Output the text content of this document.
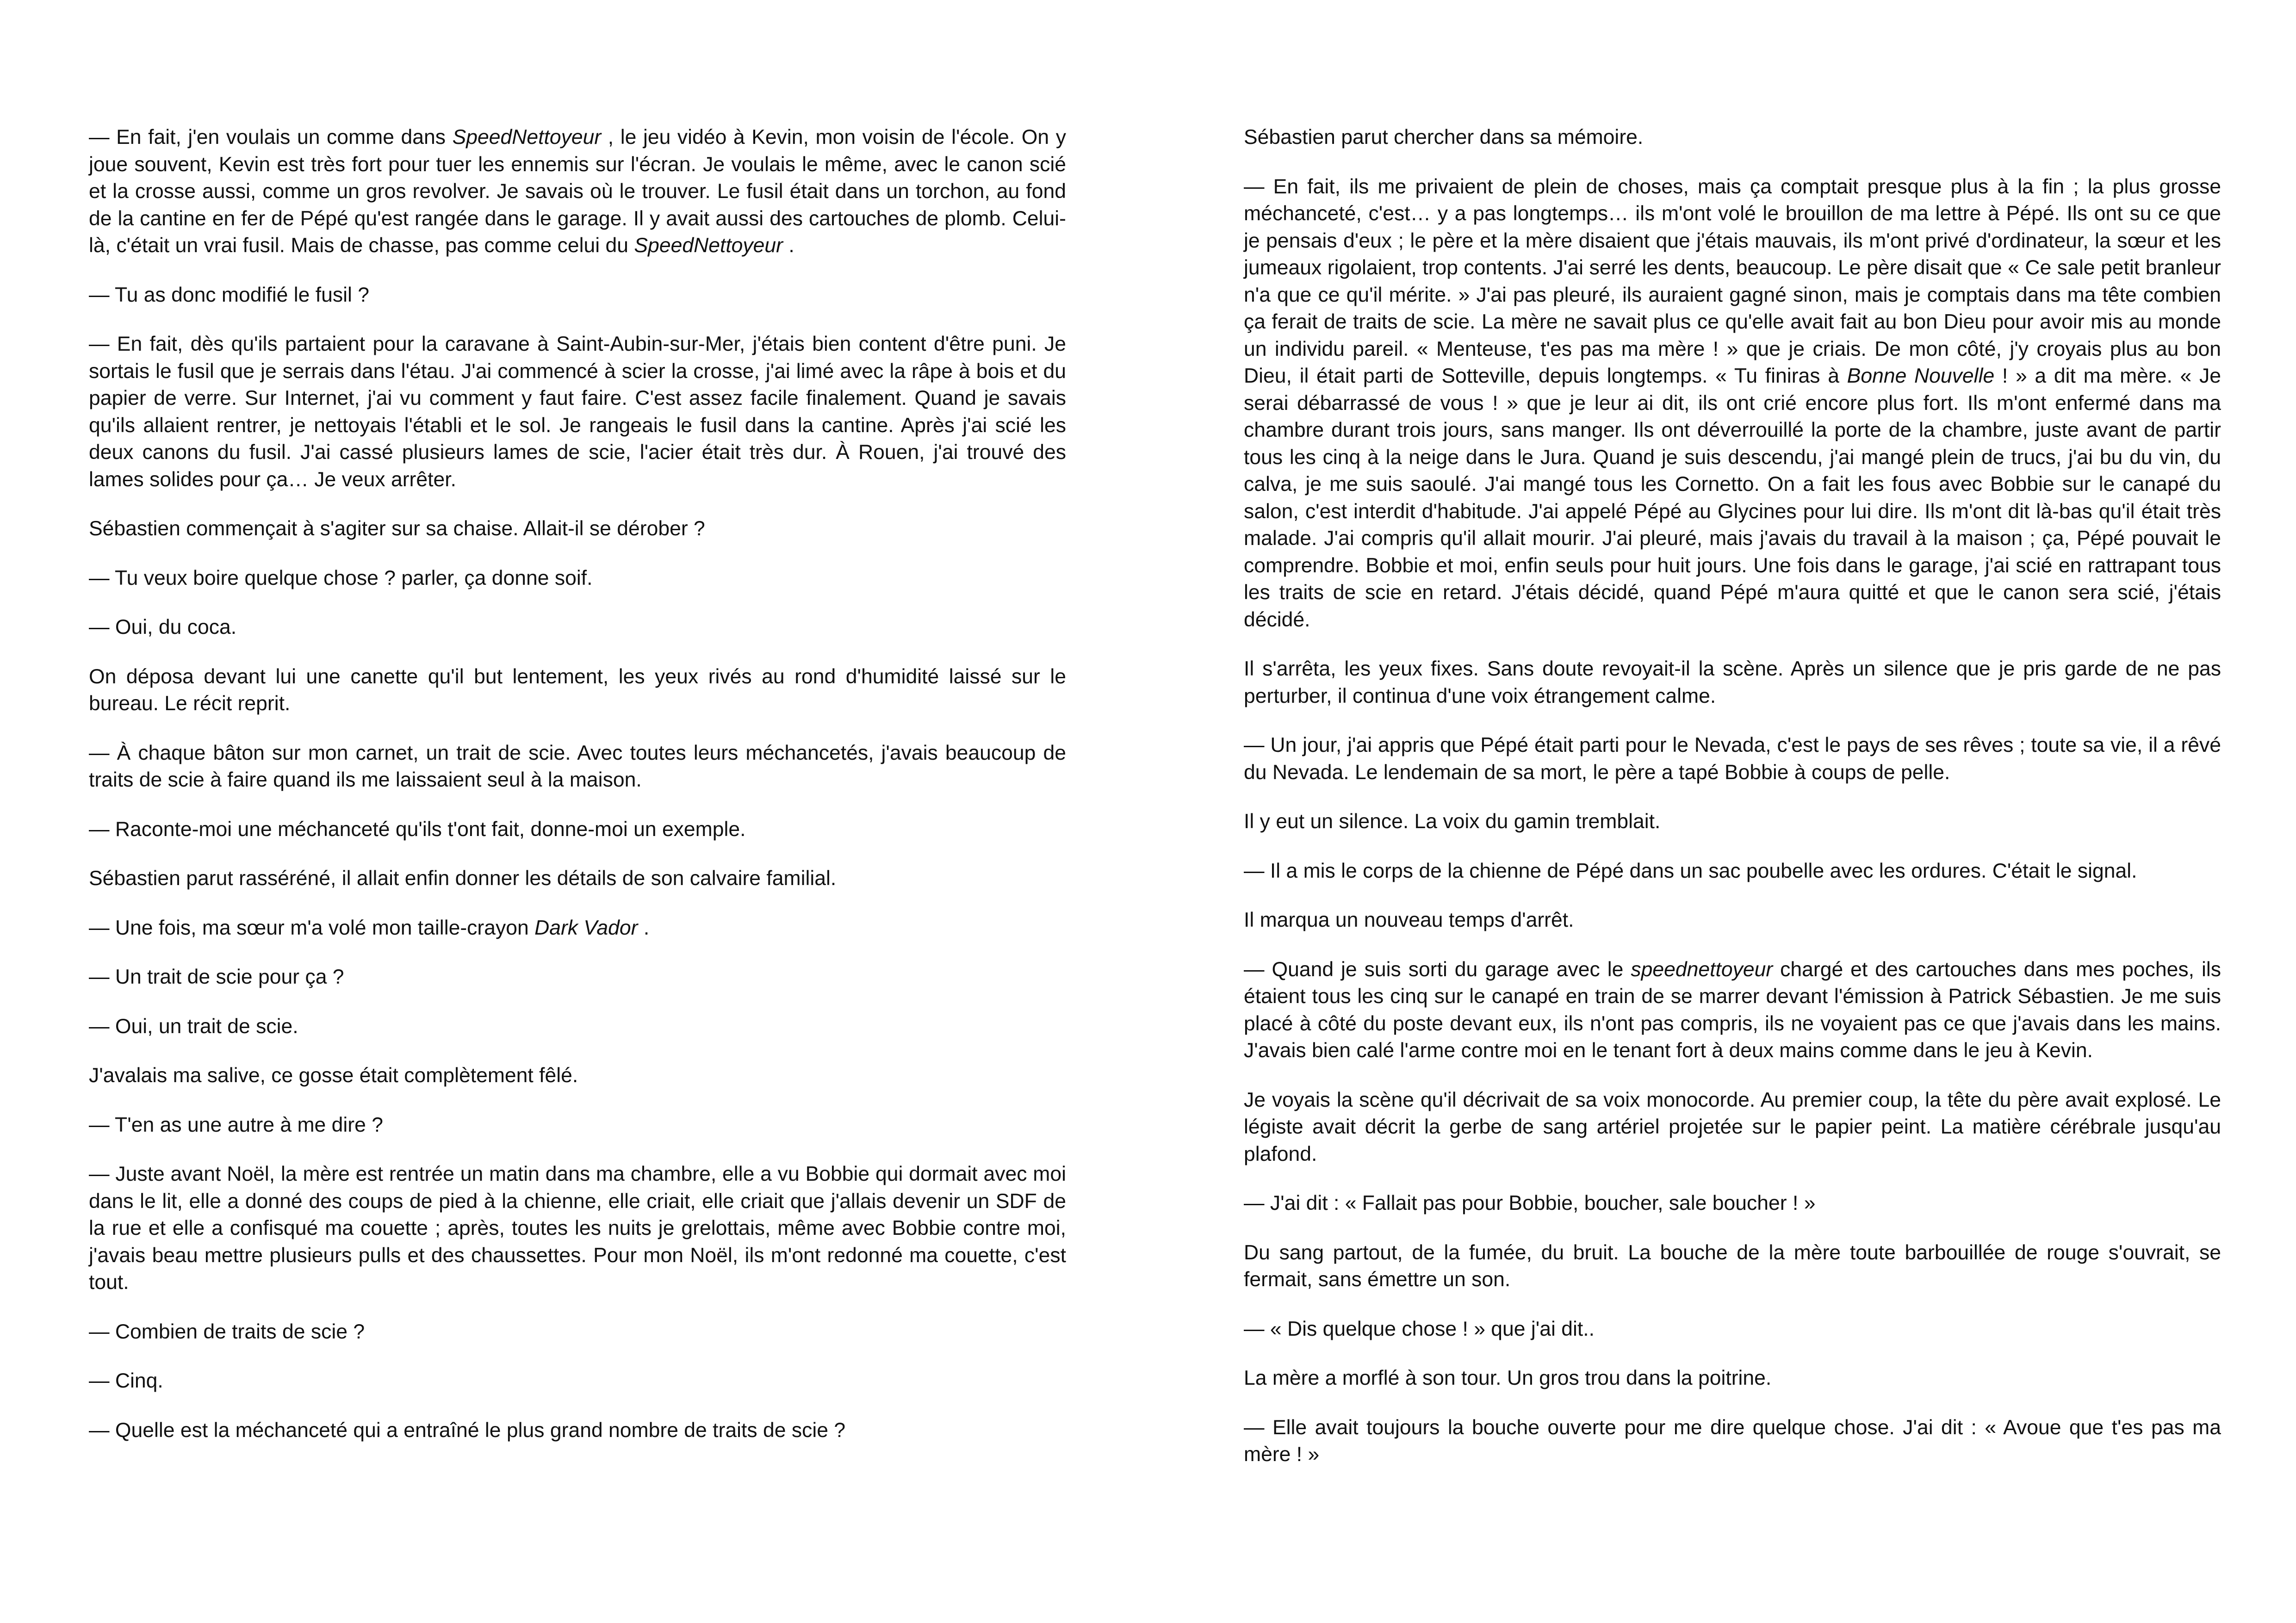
— En fait, j'en voulais un comme dans SpeedNettoyeur , le jeu vidéo à Kevin, mon voisin de l'école. On y joue souvent, Kevin est très fort pour tuer les ennemis sur l'écran. Je voulais le même, avec le canon scié et la crosse aussi, comme un gros revolver. Je savais où le trouver. Le fusil était dans un torchon, au fond de la cantine en fer de Pépé qu'est rangée dans le garage. Il y avait aussi des cartouches de plomb. Celui-là, c'était un vrai fusil. Mais de chasse, pas comme celui du SpeedNettoyeur .

— Tu as donc modifié le fusil ?

— En fait, dès qu'ils partaient pour la caravane à Saint-Aubin-sur-Mer, j'étais bien content d'être puni. Je sortais le fusil que je serrais dans l'étau. J'ai commencé à scier la crosse, j'ai limé avec la râpe à bois et du papier de verre. Sur Internet, j'ai vu comment y faut faire. C'est assez facile finalement. Quand je savais qu'ils allaient rentrer, je nettoyais l'établi et le sol. Je rangeais le fusil dans la cantine. Après j'ai scié les deux canons du fusil. J'ai cassé plusieurs lames de scie, l'acier était très dur. À Rouen, j'ai trouvé des lames solides pour ça… Je veux arrêter.

Sébastien commençait à s'agiter sur sa chaise. Allait-il se dérober ?

— Tu veux boire quelque chose ? parler, ça donne soif.

— Oui, du coca.

On déposa devant lui une canette qu'il but lentement, les yeux rivés au rond d'humidité laissé sur le bureau. Le récit reprit.

— À chaque bâton sur mon carnet, un trait de scie. Avec toutes leurs méchancetés, j'avais beaucoup de traits de scie à faire quand ils me laissaient seul à la maison.

— Raconte-moi une méchanceté qu'ils t'ont fait, donne-moi un exemple.

Sébastien parut rasséréné, il allait enfin donner les détails de son calvaire familial.

— Une fois, ma sœur m'a volé mon taille-crayon Dark Vador .

— Un trait de scie pour ça ?

— Oui, un trait de scie.

J'avalais ma salive, ce gosse était complètement fêlé.

— T'en as une autre à me dire ?

— Juste avant Noël, la mère est rentrée un matin dans ma chambre, elle a vu Bobbie qui dormait avec moi dans le lit, elle a donné des coups de pied à la chienne, elle criait, elle criait que j'allais devenir un SDF de la rue et elle a confisqué ma couette ; après, toutes les nuits je grelottais, même avec Bobbie contre moi, j'avais beau mettre plusieurs pulls et des chaussettes. Pour mon Noël, ils m'ont redonné ma couette, c'est tout.

— Combien de traits de scie ?

— Cinq.

— Quelle est la méchanceté qui a entraîné le plus grand nombre de traits de scie ?

Sébastien parut chercher dans sa mémoire.

— En fait, ils me privaient de plein de choses, mais ça comptait presque plus à la fin ; la plus grosse méchanceté, c'est… y a pas longtemps… ils m'ont volé le brouillon de ma lettre à Pépé. Ils ont su ce que je pensais d'eux ; le père et la mère disaient que j'étais mauvais, ils m'ont privé d'ordinateur, la sœur et les jumeaux rigolaient, trop contents. J'ai serré les dents, beaucoup. Le père disait que « Ce sale petit branleur n'a que ce qu'il mérite. » J'ai pas pleuré, ils auraient gagné sinon, mais je comptais dans ma tête combien ça ferait de traits de scie. La mère ne savait plus ce qu'elle avait fait au bon Dieu pour avoir mis au monde un individu pareil. « Menteuse, t'es pas ma mère ! » que je criais. De mon côté, j'y croyais plus au bon Dieu, il était parti de Sotteville, depuis longtemps. « Tu finiras à Bonne Nouvelle ! » a dit ma mère. « Je serai débarrassé de vous ! » que je leur ai dit, ils ont crié encore plus fort. Ils m'ont enfermé dans ma chambre durant trois jours, sans manger. Ils ont déverrouillé la porte de la chambre, juste avant de partir tous les cinq à la neige dans le Jura. Quand je suis descendu, j'ai mangé plein de trucs, j'ai bu du vin, du calva, je me suis saoulé. J'ai mangé tous les Cornetto. On a fait les fous avec Bobbie sur le canapé du salon, c'est interdit d'habitude. J'ai appelé Pépé au Glycines pour lui dire. Ils m'ont dit là-bas qu'il était très malade. J'ai compris qu'il allait mourir. J'ai pleuré, mais j'avais du travail à la maison ; ça, Pépé pouvait le comprendre. Bobbie et moi, enfin seuls pour huit jours. Une fois dans le garage, j'ai scié en rattrapant tous les traits de scie en retard. J'étais décidé, quand Pépé m'aura quitté et que le canon sera scié, j'étais décidé.

Il s'arrêta, les yeux fixes. Sans doute revoyait-il la scène. Après un silence que je pris garde de ne pas perturber, il continua d'une voix étrangement calme.

— Un jour, j'ai appris que Pépé était parti pour le Nevada, c'est le pays de ses rêves ; toute sa vie, il a rêvé du Nevada. Le lendemain de sa mort, le père a tapé Bobbie à coups de pelle.

Il y eut un silence. La voix du gamin tremblait.

— Il a mis le corps de la chienne de Pépé dans un sac poubelle avec les ordures. C'était le signal.

Il marqua un nouveau temps d'arrêt.

— Quand je suis sorti du garage avec le speednettoyeur chargé et des cartouches dans mes poches, ils étaient tous les cinq sur le canapé en train de se marrer devant l'émission à Patrick Sébastien. Je me suis placé à côté du poste devant eux, ils n'ont pas compris, ils ne voyaient pas ce que j'avais dans les mains. J'avais bien calé l'arme contre moi en le tenant fort à deux mains comme dans le jeu à Kevin.

Je voyais la scène qu'il décrivait de sa voix monocorde. Au premier coup, la tête du père avait explosé. Le légiste avait décrit la gerbe de sang artériel projetée sur le papier peint. La matière cérébrale jusqu'au plafond.

— J'ai dit : « Fallait pas pour Bobbie, boucher, sale boucher ! »

Du sang partout, de la fumée, du bruit. La bouche de la mère toute barbouillée de rouge s'ouvrait, se fermait, sans émettre un son.

— « Dis quelque chose ! » que j'ai dit..

La mère a morflé à son tour. Un gros trou dans la poitrine.

— Elle avait toujours la bouche ouverte pour me dire quelque chose. J'ai dit : « Avoue que t'es pas ma mère ! »
